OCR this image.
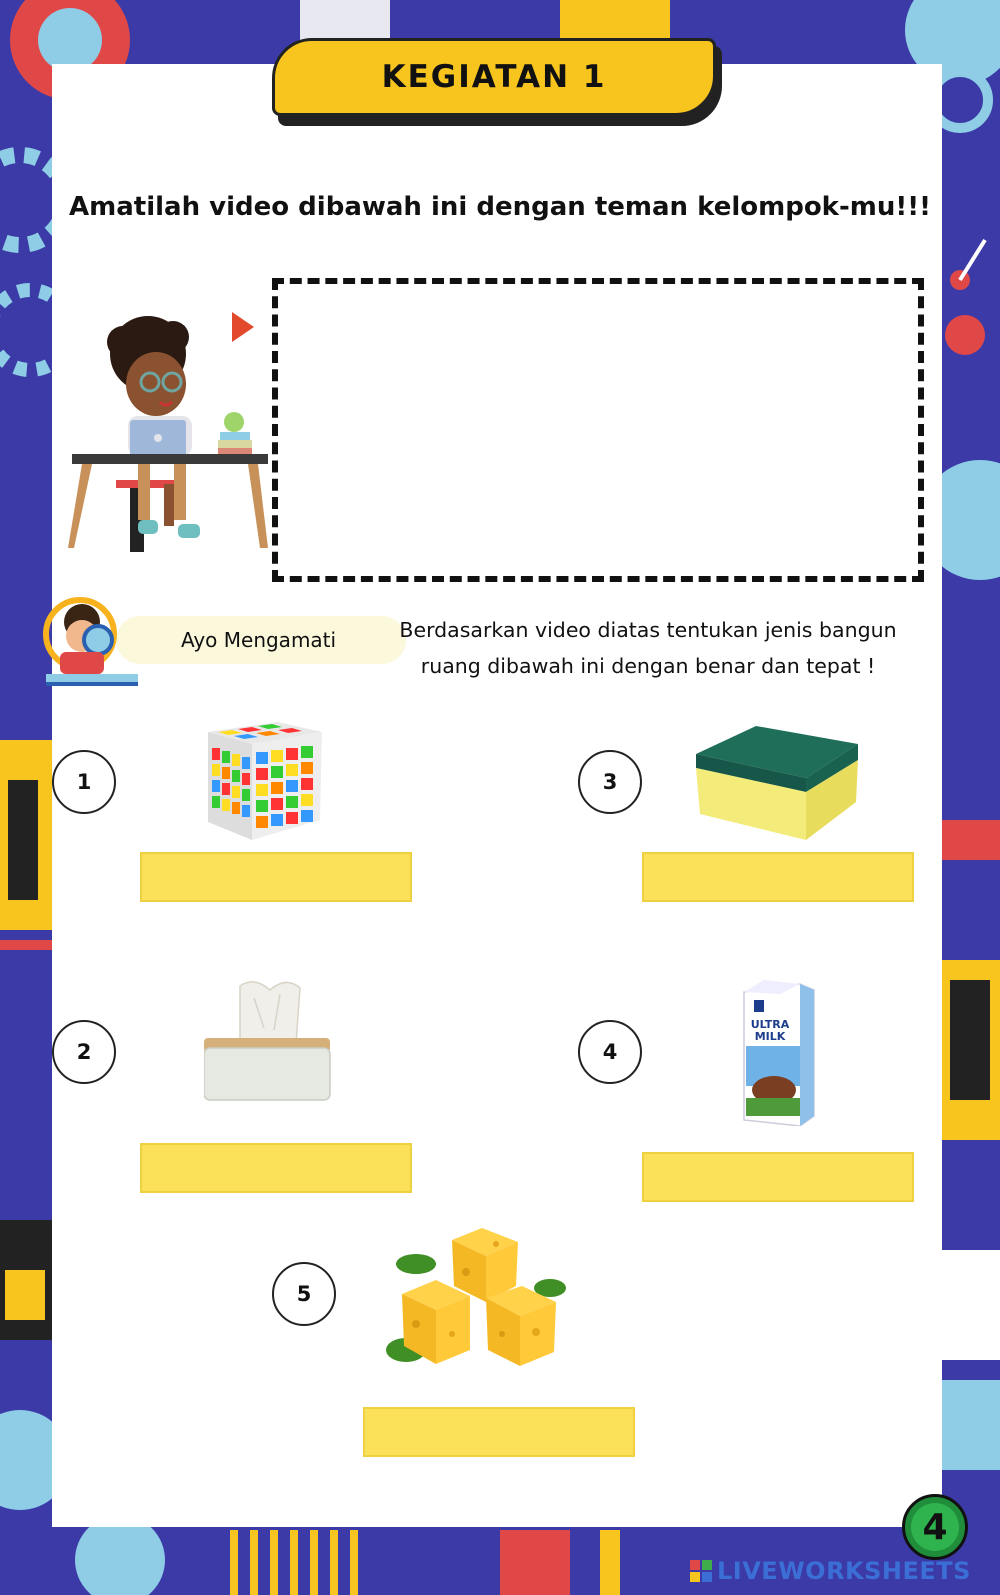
KEGIATAN 1
Amatilah video dibawah ini dengan teman kelompok-mu!!!
Ayo Mengamati	Berdasarkan video diatas tentukan jenis bangun
ruang dibawah ini dengan benar dan tepat !
1	3
2	4
ULTRA
MILK
5
4
LIVEWORKSHEETS
